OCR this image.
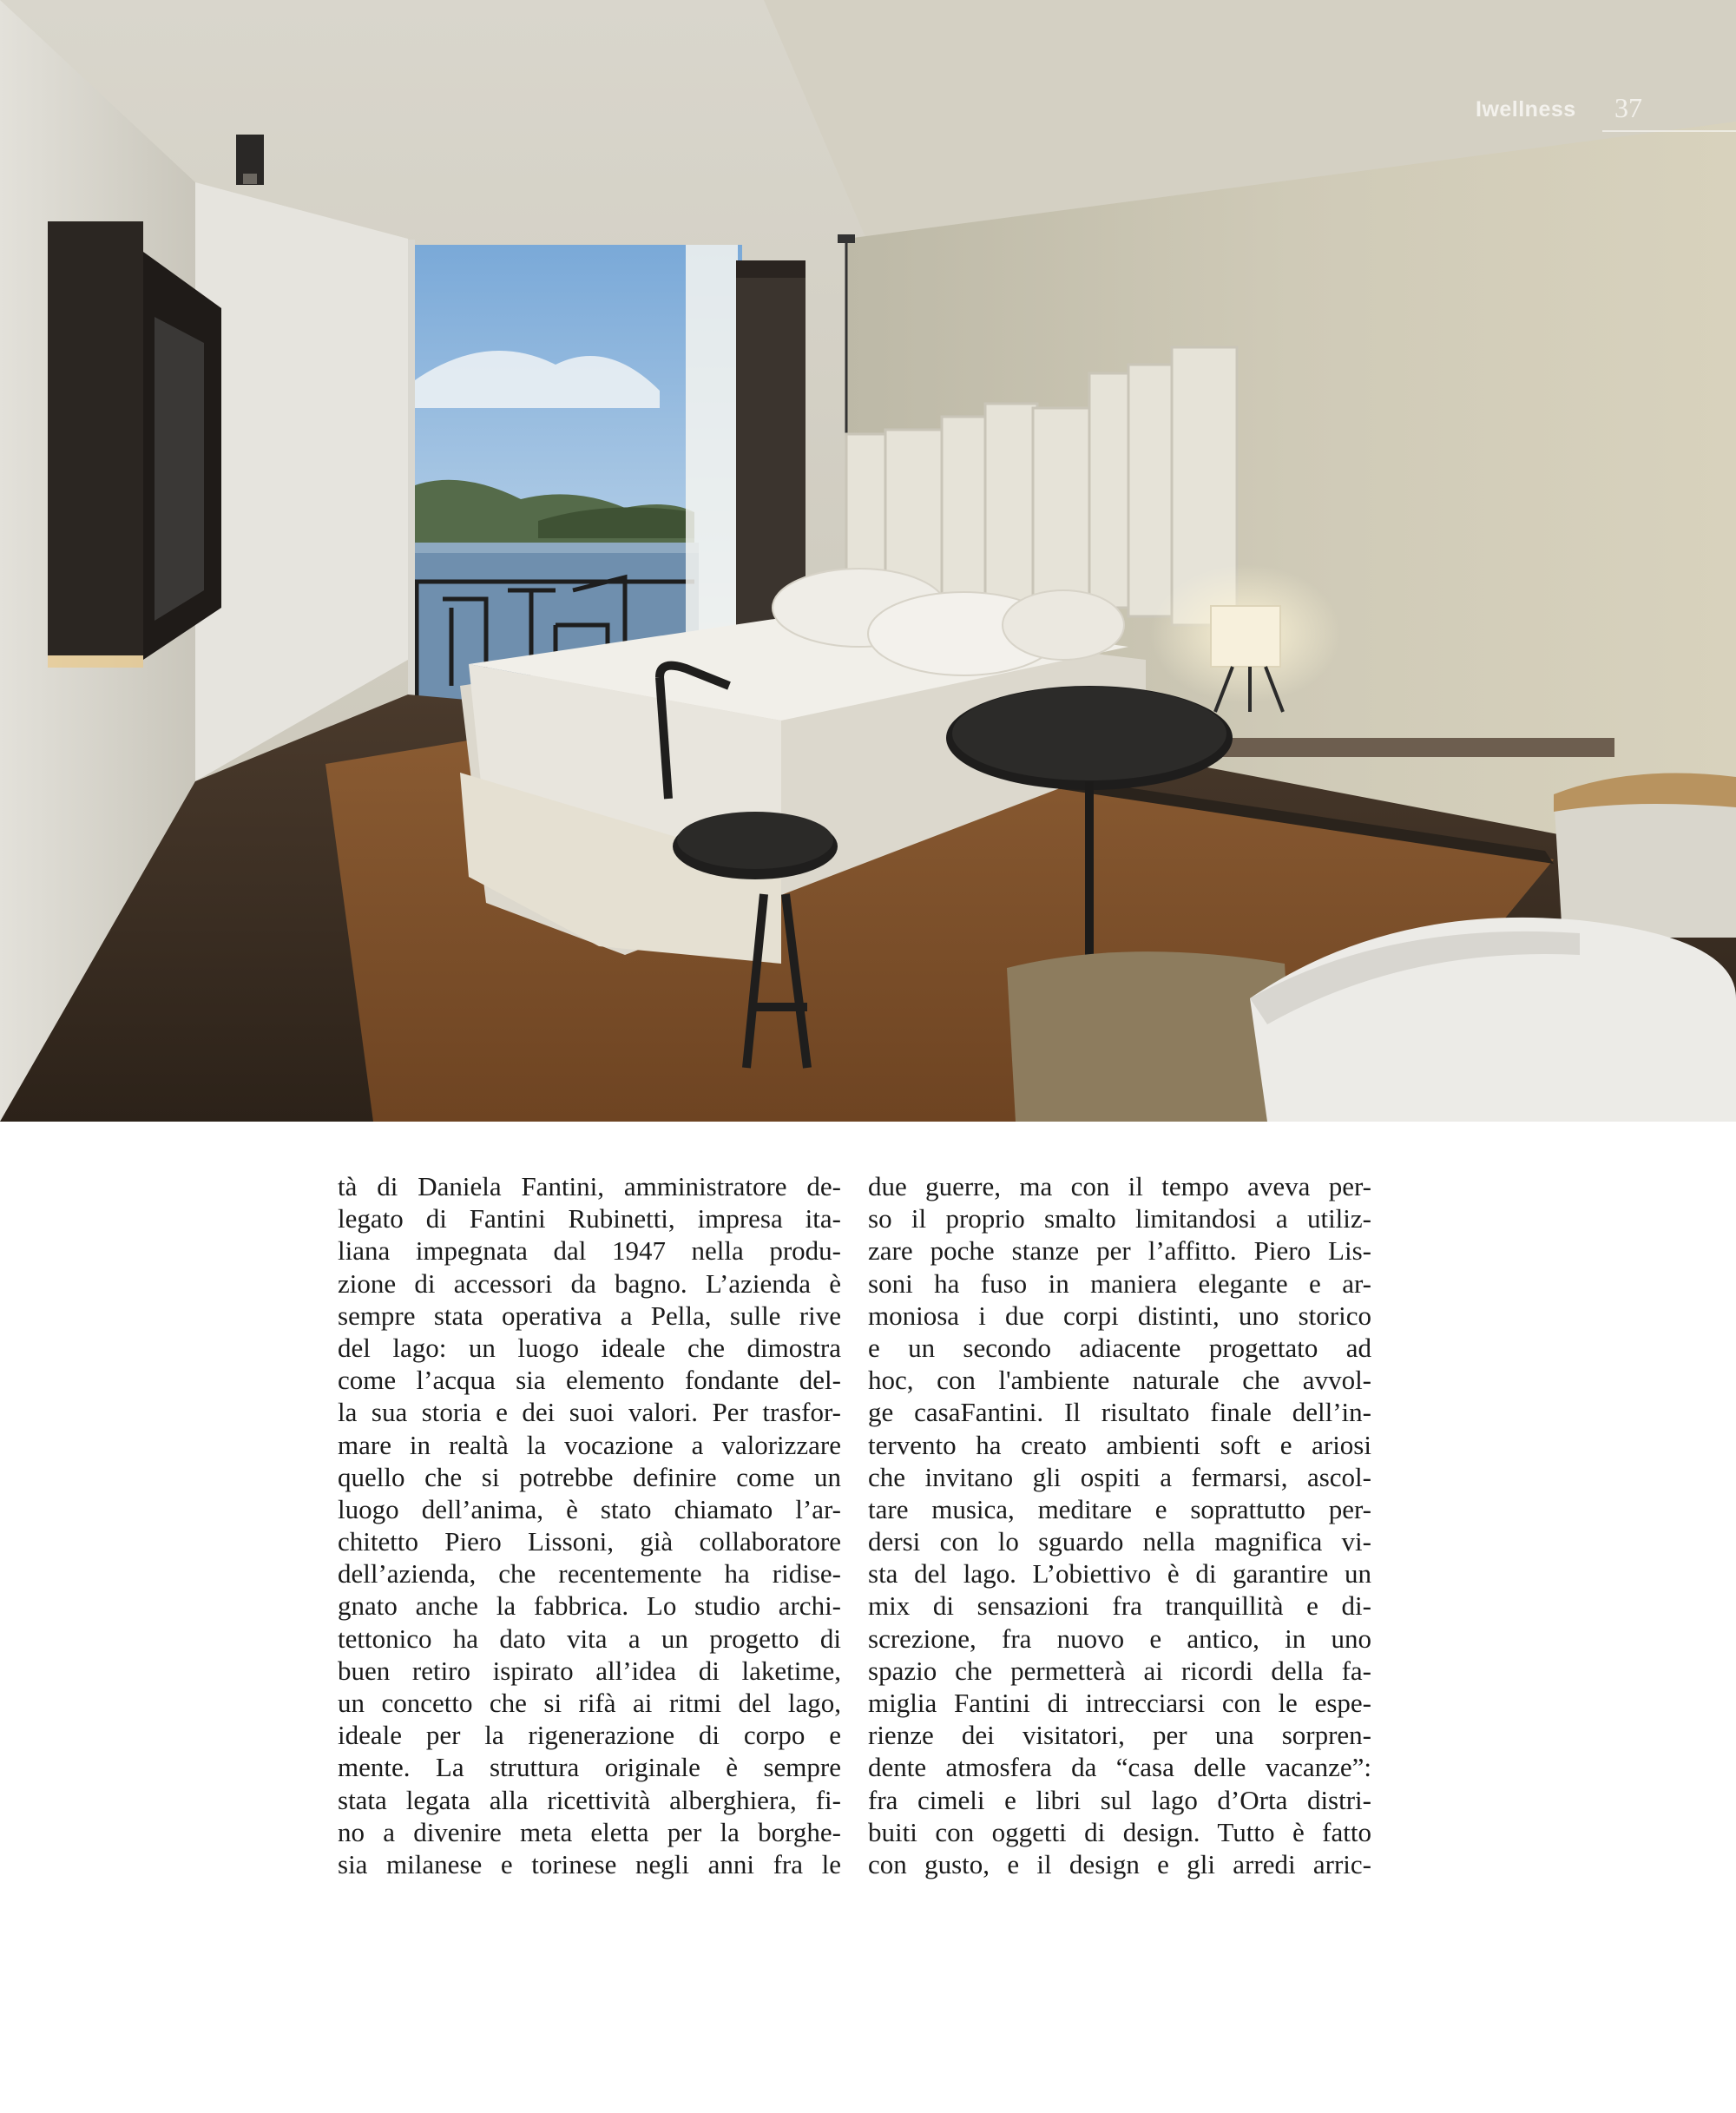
Iwellness 37
tà di Daniela Fantini, amministratore de-
legato di Fantini Rubinetti, impresa ita-
liana impegnata dal 1947 nella produ-
zione di accessori da bagno. L’azienda è
sempre stata operativa a Pella, sulle rive
del lago: un luogo ideale che dimostra
come l’acqua sia elemento fondante del-
la sua storia e dei suoi valori. Per trasfor-
mare in realtà la vocazione a valorizzare
quello che si potrebbe definire come un
luogo dell’anima, è stato chiamato l’ar-
chitetto Piero Lissoni, già collaboratore
dell’azienda, che recentemente ha ridise-
gnato anche la fabbrica. Lo studio archi-
tettonico ha dato vita a un progetto di
buen retiro ispirato all’idea di laketime,
un concetto che si rifà ai ritmi del lago,
ideale per la rigenerazione di corpo e
mente. La struttura originale è sempre
stata legata alla ricettività alberghiera, fi-
no a divenire meta eletta per la borghe-
sia milanese e torinese negli anni fra le
due guerre, ma con il tempo aveva per-
so il proprio smalto limitandosi a utiliz-
zare poche stanze per l’affitto. Piero Lis-
soni ha fuso in maniera elegante e ar-
moniosa i due corpi distinti, uno storico
e un secondo adiacente progettato ad
hoc, con l'ambiente naturale che avvol-
ge casaFantini. Il risultato finale dell’in-
tervento ha creato ambienti soft e ariosi
che invitano gli ospiti a fermarsi, ascol-
tare musica, meditare e soprattutto per-
dersi con lo sguardo nella magnifica vi-
sta del lago. L’obiettivo è di garantire un
mix di sensazioni fra tranquillità e di-
screzione, fra nuovo e antico, in uno
spazio che permetterà ai ricordi della fa-
miglia Fantini di intrecciarsi con le espe-
rienze dei visitatori, per una sorpren-
dente atmosfera da “casa delle vacanze”:
fra cimeli e libri sul lago d’Orta distri-
buiti con oggetti di design. Tutto è fatto
con gusto, e il design e gli arredi arric-
